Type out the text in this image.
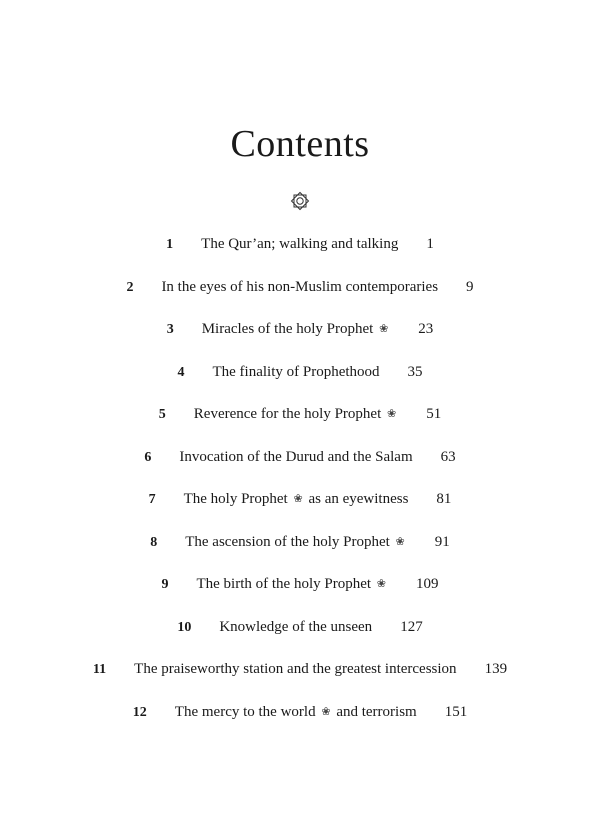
Contents
1 The Qur’an; walking and talking 1
2 In the eyes of his non-Muslim contemporaries 9
3 Miracles of the holy Prophet ❀ 23
4 The finality of Prophethood 35
5 Reverence for the holy Prophet ❀ 51
6 Invocation of the Durud and the Salam 63
7 The holy Prophet ❀ as an eyewitness 81
8 The ascension of the holy Prophet ❀ 91
9 The birth of the holy Prophet ❀ 109
10 Knowledge of the unseen 127
11 The praiseworthy station and the greatest intercession 139
12 The mercy to the world ❀ and terrorism 151
